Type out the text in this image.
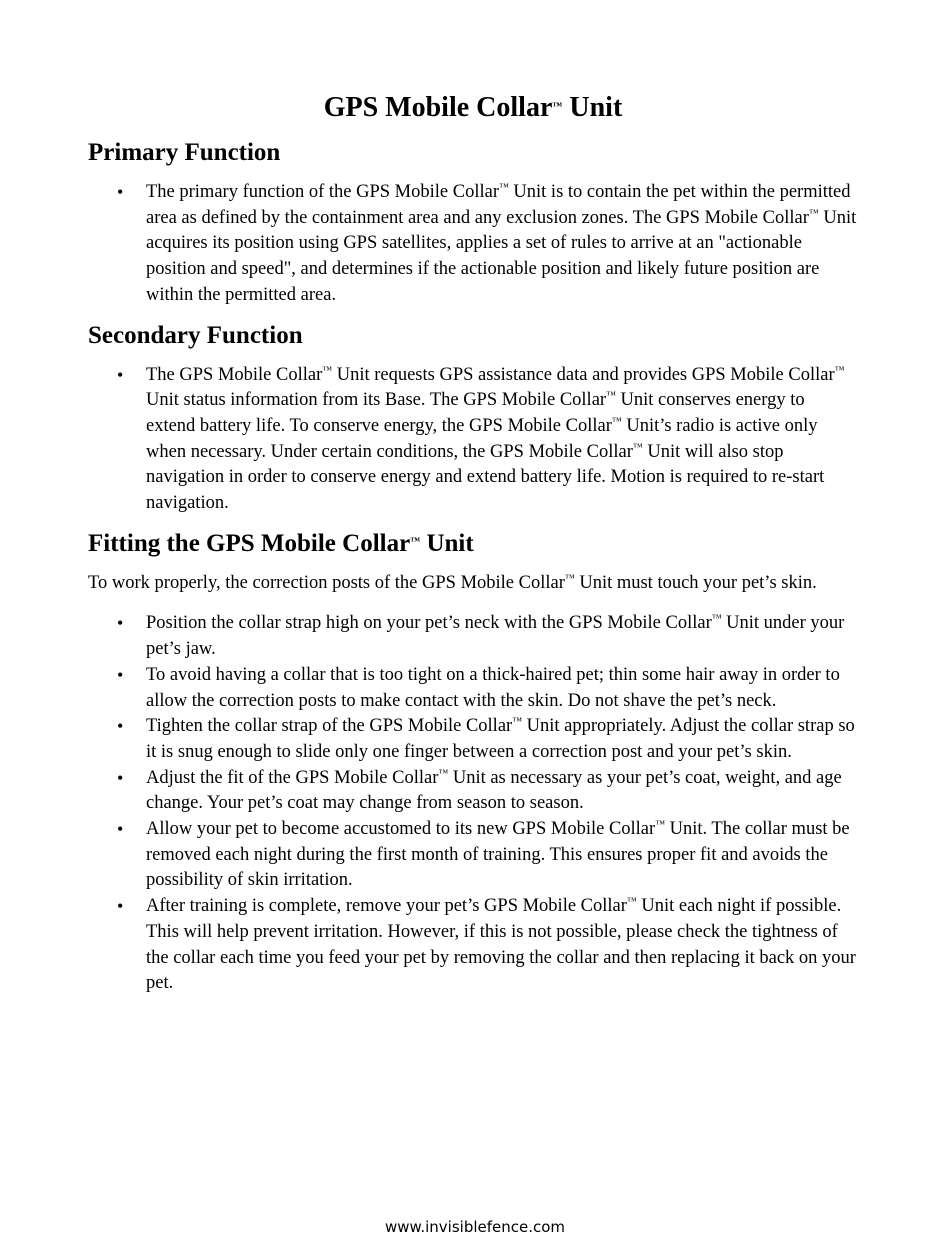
GPS Mobile Collar™ Unit
Primary Function
• The primary function of the GPS Mobile Collar™ Unit is to contain the pet within the permitted area as defined by the containment area and any exclusion zones. The GPS Mobile Collar™ Unit acquires its position using GPS satellites, applies a set of rules to arrive at an "actionable position and speed", and determines if the actionable position and likely future position are within the permitted area.
Secondary Function
• The GPS Mobile Collar™ Unit requests GPS assistance data and provides GPS Mobile Collar™ Unit status information from its Base. The GPS Mobile Collar™ Unit conserves energy to extend battery life. To conserve energy, the GPS Mobile Collar™ Unit’s radio is active only when necessary. Under certain conditions, the GPS Mobile Collar™ Unit will also stop navigation in order to conserve energy and extend battery life. Motion is required to re-start navigation.
Fitting the GPS Mobile Collar™ Unit

To work properly, the correction posts of the GPS Mobile Collar™ Unit must touch your pet’s skin.

• Position the collar strap high on your pet’s neck with the GPS Mobile Collar™ Unit under your pet’s jaw.
• To avoid having a collar that is too tight on a thick-haired pet; thin some hair away in order to allow the correction posts to make contact with the skin. Do not shave the pet’s neck.
• Tighten the collar strap of the GPS Mobile Collar™ Unit appropriately. Adjust the collar strap so it is snug enough to slide only one finger between a correction post and your pet’s skin.
• Adjust the fit of the GPS Mobile Collar™ Unit as necessary as your pet’s coat, weight, and age change. Your pet’s coat may change from season to season.
• Allow your pet to become accustomed to its new GPS Mobile Collar™ Unit. The collar must be removed each night during the first month of training. This ensures proper fit and avoids the possibility of skin irritation.
• After training is complete, remove your pet’s GPS Mobile Collar™ Unit each night if possible. This will help prevent irritation. However, if this is not possible, please check the tightness of the collar each time you feed your pet by removing the collar and then replacing it back on your pet.
www.invisiblefence.com
